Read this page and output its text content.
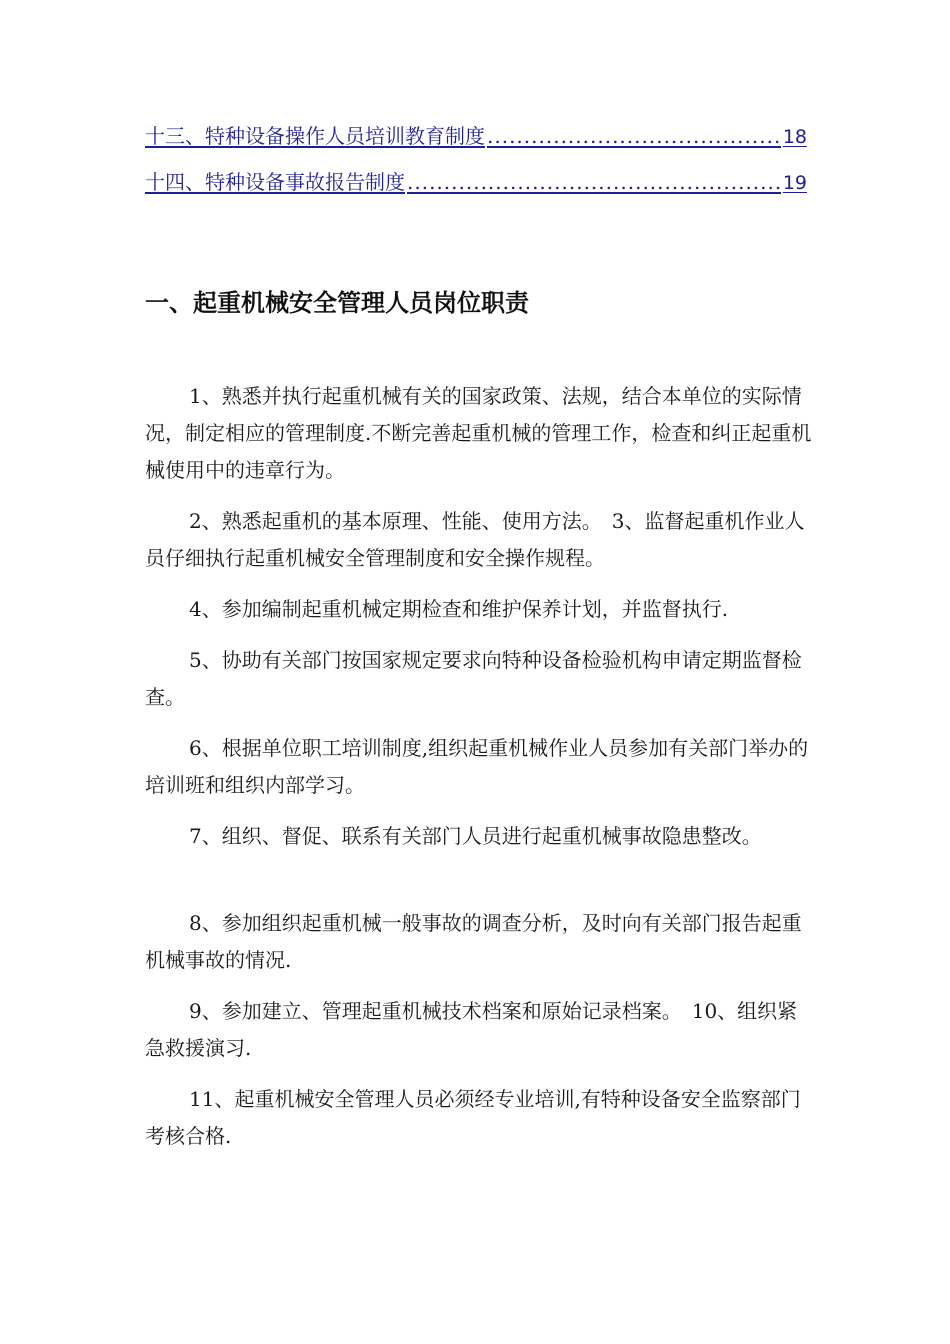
十三、特种设备操作人员培训教育制度 .....	18
十四、特种设备事故报告制度 .....	19
一、起重机械安全管理人员岗位职责

1、熟悉并执行起重机械有关的国家政策、法规，结合本单位的实际情况，制定相应的管理制度.不断完善起重机械的管理工作，检查和纠正起重机械使用中的违章行为。

2、熟悉起重机的基本原理、性能、使用方法。　3、监督起重机作业人员仔细执行起重机械安全管理制度和安全操作规程。

4、参加编制起重机械定期检查和维护保养计划，并监督执行.

5、协助有关部门按国家规定要求向特种设备检验机构申请定期监督检查。

6、根据单位职工培训制度,组织起重机械作业人员参加有关部门举办的培训班和组织内部学习。

7、组织、督促、联系有关部门人员进行起重机械事故隐患整改。

8、参加组织起重机械一般事故的调查分析，及时向有关部门报告起重机械事故的情况.

9、参加建立、管理起重机械技术档案和原始记录档案。　10、组织紧急救援演习.

11、起重机械安全管理人员必须经专业培训,有特种设备安全监察部门考核合格.
